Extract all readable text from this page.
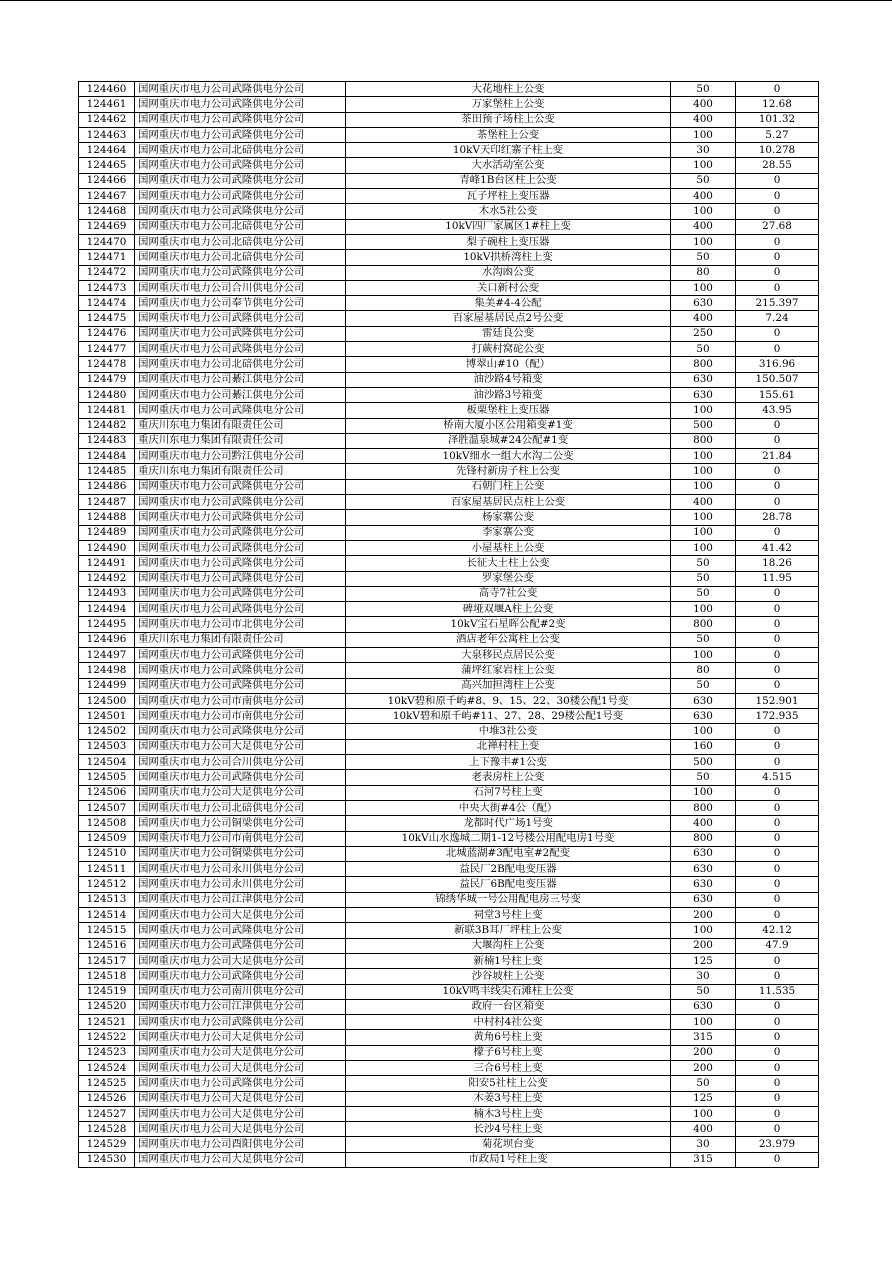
124460	国网重庆市电力公司武隆供电分公司	大花地柱上公变	50	0
124461	国网重庆市电力公司武隆供电分公司	万家堡柱上公变	400	12.68
124462	国网重庆市电力公司武隆供电分公司	茶田预子场柱上公变	400	101.32
124463	国网重庆市电力公司武隆供电分公司	茶堡柱上公变	100	5.27
124464	国网重庆市电力公司北碚供电分公司	10kV天印红寨子柱上变	30	10.278
124465	国网重庆市电力公司武隆供电分公司	大水活动室公变	100	28.55
124466	国网重庆市电力公司武隆供电分公司	青峰1B台区柱上公变	50	0
124467	国网重庆市电力公司武隆供电分公司	瓦子坪柱上变压器	400	0
124468	国网重庆市电力公司武隆供电分公司	木水5社公变	100	0
124469	国网重庆市电力公司北碚供电分公司	10kV四厂家属区1#柱上变	400	27.68
124470	国网重庆市电力公司北碚供电分公司	梨子碗柱上变压器	100	0
124471	国网重庆市电力公司北碚供电分公司	10kV拱桥湾柱上变	50	0
124472	国网重庆市电力公司武隆供电分公司	水沟凼公变	80	0
124473	国网重庆市电力公司合川供电分公司	关口新村公变	100	0
124474	国网重庆市电力公司奉节供电分公司	集美#4-4公配	630	215.397
124475	国网重庆市电力公司武隆供电分公司	百家屋基居民点2号公变	400	7.24
124476	国网重庆市电力公司武隆供电分公司	雷廷良公变	250	0
124477	国网重庆市电力公司武隆供电分公司	打蕨村窝砣公变	50	0
124478	国网重庆市电力公司北碚供电分公司	博翠山#10（配）	800	316.96
124479	国网重庆市电力公司綦江供电分公司	油沙路4号箱变	630	150.507
124480	国网重庆市电力公司綦江供电分公司	油沙路3号箱变	630	155.61
124481	国网重庆市电力公司武隆供电分公司	板栗堡柱上变压器	100	43.95
124482	重庆川东电力集团有限责任公司	桥南大厦小区公用箱变#1变	500	0
124483	重庆川东电力集团有限责任公司	泽胜温泉城#24公配#1变	800	0
124484	国网重庆市电力公司黔江供电分公司	10kV细水一组大水沟二公变	100	21.84
124485	重庆川东电力集团有限责任公司	先锋村新房子柱上公变	100	0
124486	国网重庆市电力公司武隆供电分公司	石朝门柱上公变	100	0
124487	国网重庆市电力公司武隆供电分公司	百家屋基居民点柱上公变	400	0
124488	国网重庆市电力公司武隆供电分公司	杨家寨公变	100	28.78
124489	国网重庆市电力公司武隆供电分公司	李家寨公变	100	0
124490	国网重庆市电力公司武隆供电分公司	小屋基柱上公变	100	41.42
124491	国网重庆市电力公司武隆供电分公司	长征大土柱上公变	50	18.26
124492	国网重庆市电力公司武隆供电分公司	罗家堡公变	50	11.95
124493	国网重庆市电力公司武隆供电分公司	高寺7社公变	50	0
124494	国网重庆市电力公司武隆供电分公司	碑垭双堰A柱上公变	100	0
124495	国网重庆市电力公司市北供电分公司	10kV宝石星晖公配#2变	800	0
124496	重庆川东电力集团有限责任公司	酒店老年公寓柱上公变	50	0
124497	国网重庆市电力公司武隆供电分公司	大泉移民点居民公变	100	0
124498	国网重庆市电力公司武隆供电分公司	蒲坪红家岩柱上公变	80	0
124499	国网重庆市电力公司武隆供电分公司	高兴加担湾柱上公变	50	0
124500	国网重庆市电力公司市南供电分公司	10kV碧和原千屿#8、9、15、22、30楼公配1号变	630	152.901
124501	国网重庆市电力公司市南供电分公司	10kV碧和原千屿#11、27、28、29楼公配1号变	630	172.935
124502	国网重庆市电力公司武隆供电分公司	中堆3社公变	100	0
124503	国网重庆市电力公司大足供电分公司	北禅村柱上变	160	0
124504	国网重庆市电力公司合川供电分公司	上下豫丰#1公变	500	0
124505	国网重庆市电力公司武隆供电分公司	老表房柱上公变	50	4.515
124506	国网重庆市电力公司大足供电分公司	石河7号柱上变	100	0
124507	国网重庆市电力公司北碚供电分公司	中央大街#4公（配）	800	0
124508	国网重庆市电力公司铜梁供电分公司	龙都时代广场1号变	400	0
124509	国网重庆市电力公司市南供电分公司	10kV山水逸城二期1-12号楼公用配电房1号变	800	0
124510	国网重庆市电力公司铜梁供电分公司	北城蓝湖#3配电室#2配变	630	0
124511	国网重庆市电力公司永川供电分公司	益民厂2B配电变压器	630	0
124512	国网重庆市电力公司永川供电分公司	益民厂6B配电变压器	630	0
124513	国网重庆市电力公司江津供电分公司	锦绣华城一号公用配电房三号变	630	0
124514	国网重庆市电力公司大足供电分公司	祠堂3号柱上变	200	0
124515	国网重庆市电力公司武隆供电分公司	新联3B耳厂坪柱上公变	100	42.12
124516	国网重庆市电力公司武隆供电分公司	大堰沟柱上公变	200	47.9
124517	国网重庆市电力公司大足供电分公司	新楠1号柱上变	125	0
124518	国网重庆市电力公司武隆供电分公司	沙谷坡柱上公变	30	0
124519	国网重庆市电力公司南川供电分公司	10kV鸣丰线尖石滩柱上公变	50	11.535
124520	国网重庆市电力公司江津供电分公司	政府一台区箱变	630	0
124521	国网重庆市电力公司武隆供电分公司	中村村4社公变	100	0
124522	国网重庆市电力公司大足供电分公司	黄角6号柱上变	315	0
124523	国网重庆市电力公司大足供电分公司	檬子6号柱上变	200	0
124524	国网重庆市电力公司大足供电分公司	三合6号柱上变	200	0
124525	国网重庆市电力公司武隆供电分公司	阳安5社柱上公变	50	0
124526	国网重庆市电力公司大足供电分公司	木姜3号柱上变	125	0
124527	国网重庆市电力公司大足供电分公司	楠木3号柱上变	100	0
124528	国网重庆市电力公司大足供电分公司	长沙4号柱上变	400	0
124529	国网重庆市电力公司酉阳供电分公司	菊花坝台变	30	23.979
124530	国网重庆市电力公司大足供电分公司	市政局1号柱上变	315	0
